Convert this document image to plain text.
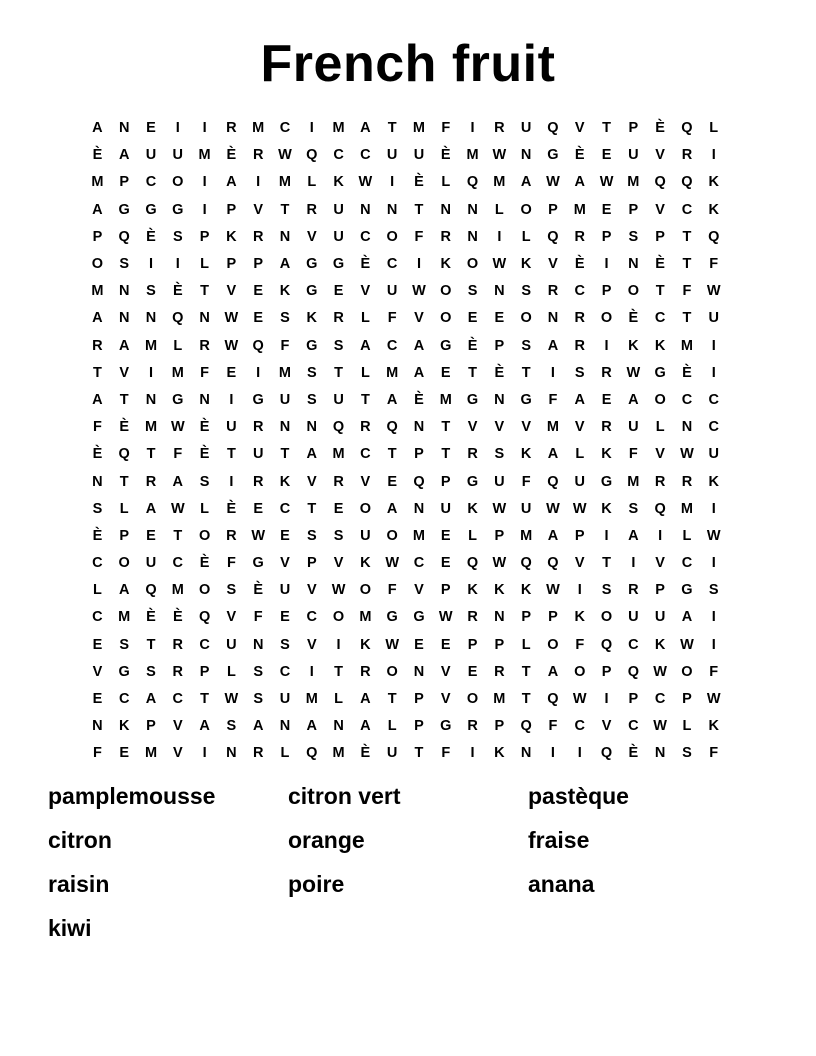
French fruit
A	N	E	I	I	R	M	C	I	M	A	T	M	F	I	R	U	Q	V	T	P	È	Q	L
È	A	U	U	M	È	R	W Q	C	C	U	U	È	M W	N	G	È	E	U	V	R	I
M	P	C	O	I	A	I	M	L	K	W	I	È	L	Q	M	A	W	A	W M	Q	Q	K
A	G	G	G	I	P	V	T	R	U	N	N	T	N	N	L	O	P	M	E	P	V	C	K
P	Q	È	S	P	K	R	N	V	U	C	O	F	R	N	I	L	Q	R	P	S	P	T	Q
O	S	I	I	L	P	P	A	G	G	È	C	I	K	O W	K	V	È	I	N	È	T	F
M	N	S	È	T	V	E	K	G	E	V	U	W O	S	N	S	R	C	P	O	T	F	W
A	N	N	Q	N	W	E	S	K	R	L	F	V	O	E	E	O	N	R	O	È	C	T	U
R	A	M	L	R	W Q	F	G	S	A	C	A	G	È	P	S	A	R	I	K	K	M	I
T	V	I	M	F	E	I	M	S	T	L	M	A	E	T	È	T	I	S	R	W G	È	I
A	T	N	G	N	I	G	U	S	U	T	A	È	M	G	N	G	F	A	E	A	O	C	C
F	È	M W	È	U	R	N	N	Q	R	Q	N	T	V	V	V	M	V	R	U	L	N	C
È	Q	T	F	È	T	U	T	A	M	C	T	P	T	R	S	K	A	L	K	F	V	W	U
N	T	R	A	S	I	R	K	V	R	V	E	Q	P	G	U	F	Q	U	G	M	R	R	K
S	L	A	W	L	È	E	C	T	E	O	A	N	U	K	W	U	W W	K	S	Q	M	I
È	P	E	T	O	R	W	E	S	S	U	O	M	E	L	P	M	A	P	I	A	I	L	W
C	O	U	C	È	F	G	V	P	V	K	W	C	E	Q W Q	Q	V	T	I	V	C	I
L	A	Q	M	O	S	È	U	V	W O	F	V	P	K	K	K	W	I	S	R	P	G	S
C	M	È	È	Q	V	F	E	C	O	M	G	G W	R	N	P	P	K	O	U	U	A	I
E	S	T	R	C	U	N	S	V	I	K	W	E	E	P	P	L	O	F	Q	C	K	W	I
V	G	S	R	P	L	S	C	I	T	R	O	N	V	E	R	T	A	O	P	Q W O	F
E	C	A	C	T	W	S	U	M	L	A	T	P	V	O	M	T	Q W	I	P	C	P	W
N	K	P	V	A	S	A	N	A	N	A	L	P	G	R	P	Q	F	C	V	C	W	L	K
F	E	M	V	I	N	R	L	Q	M	È	U	T	F	I	K	N	I	I	Q	È	N	S	F
pamplemousse	citron vert	pastèque
citron	orange	fraise
raisin	poire	anana
kiwi
